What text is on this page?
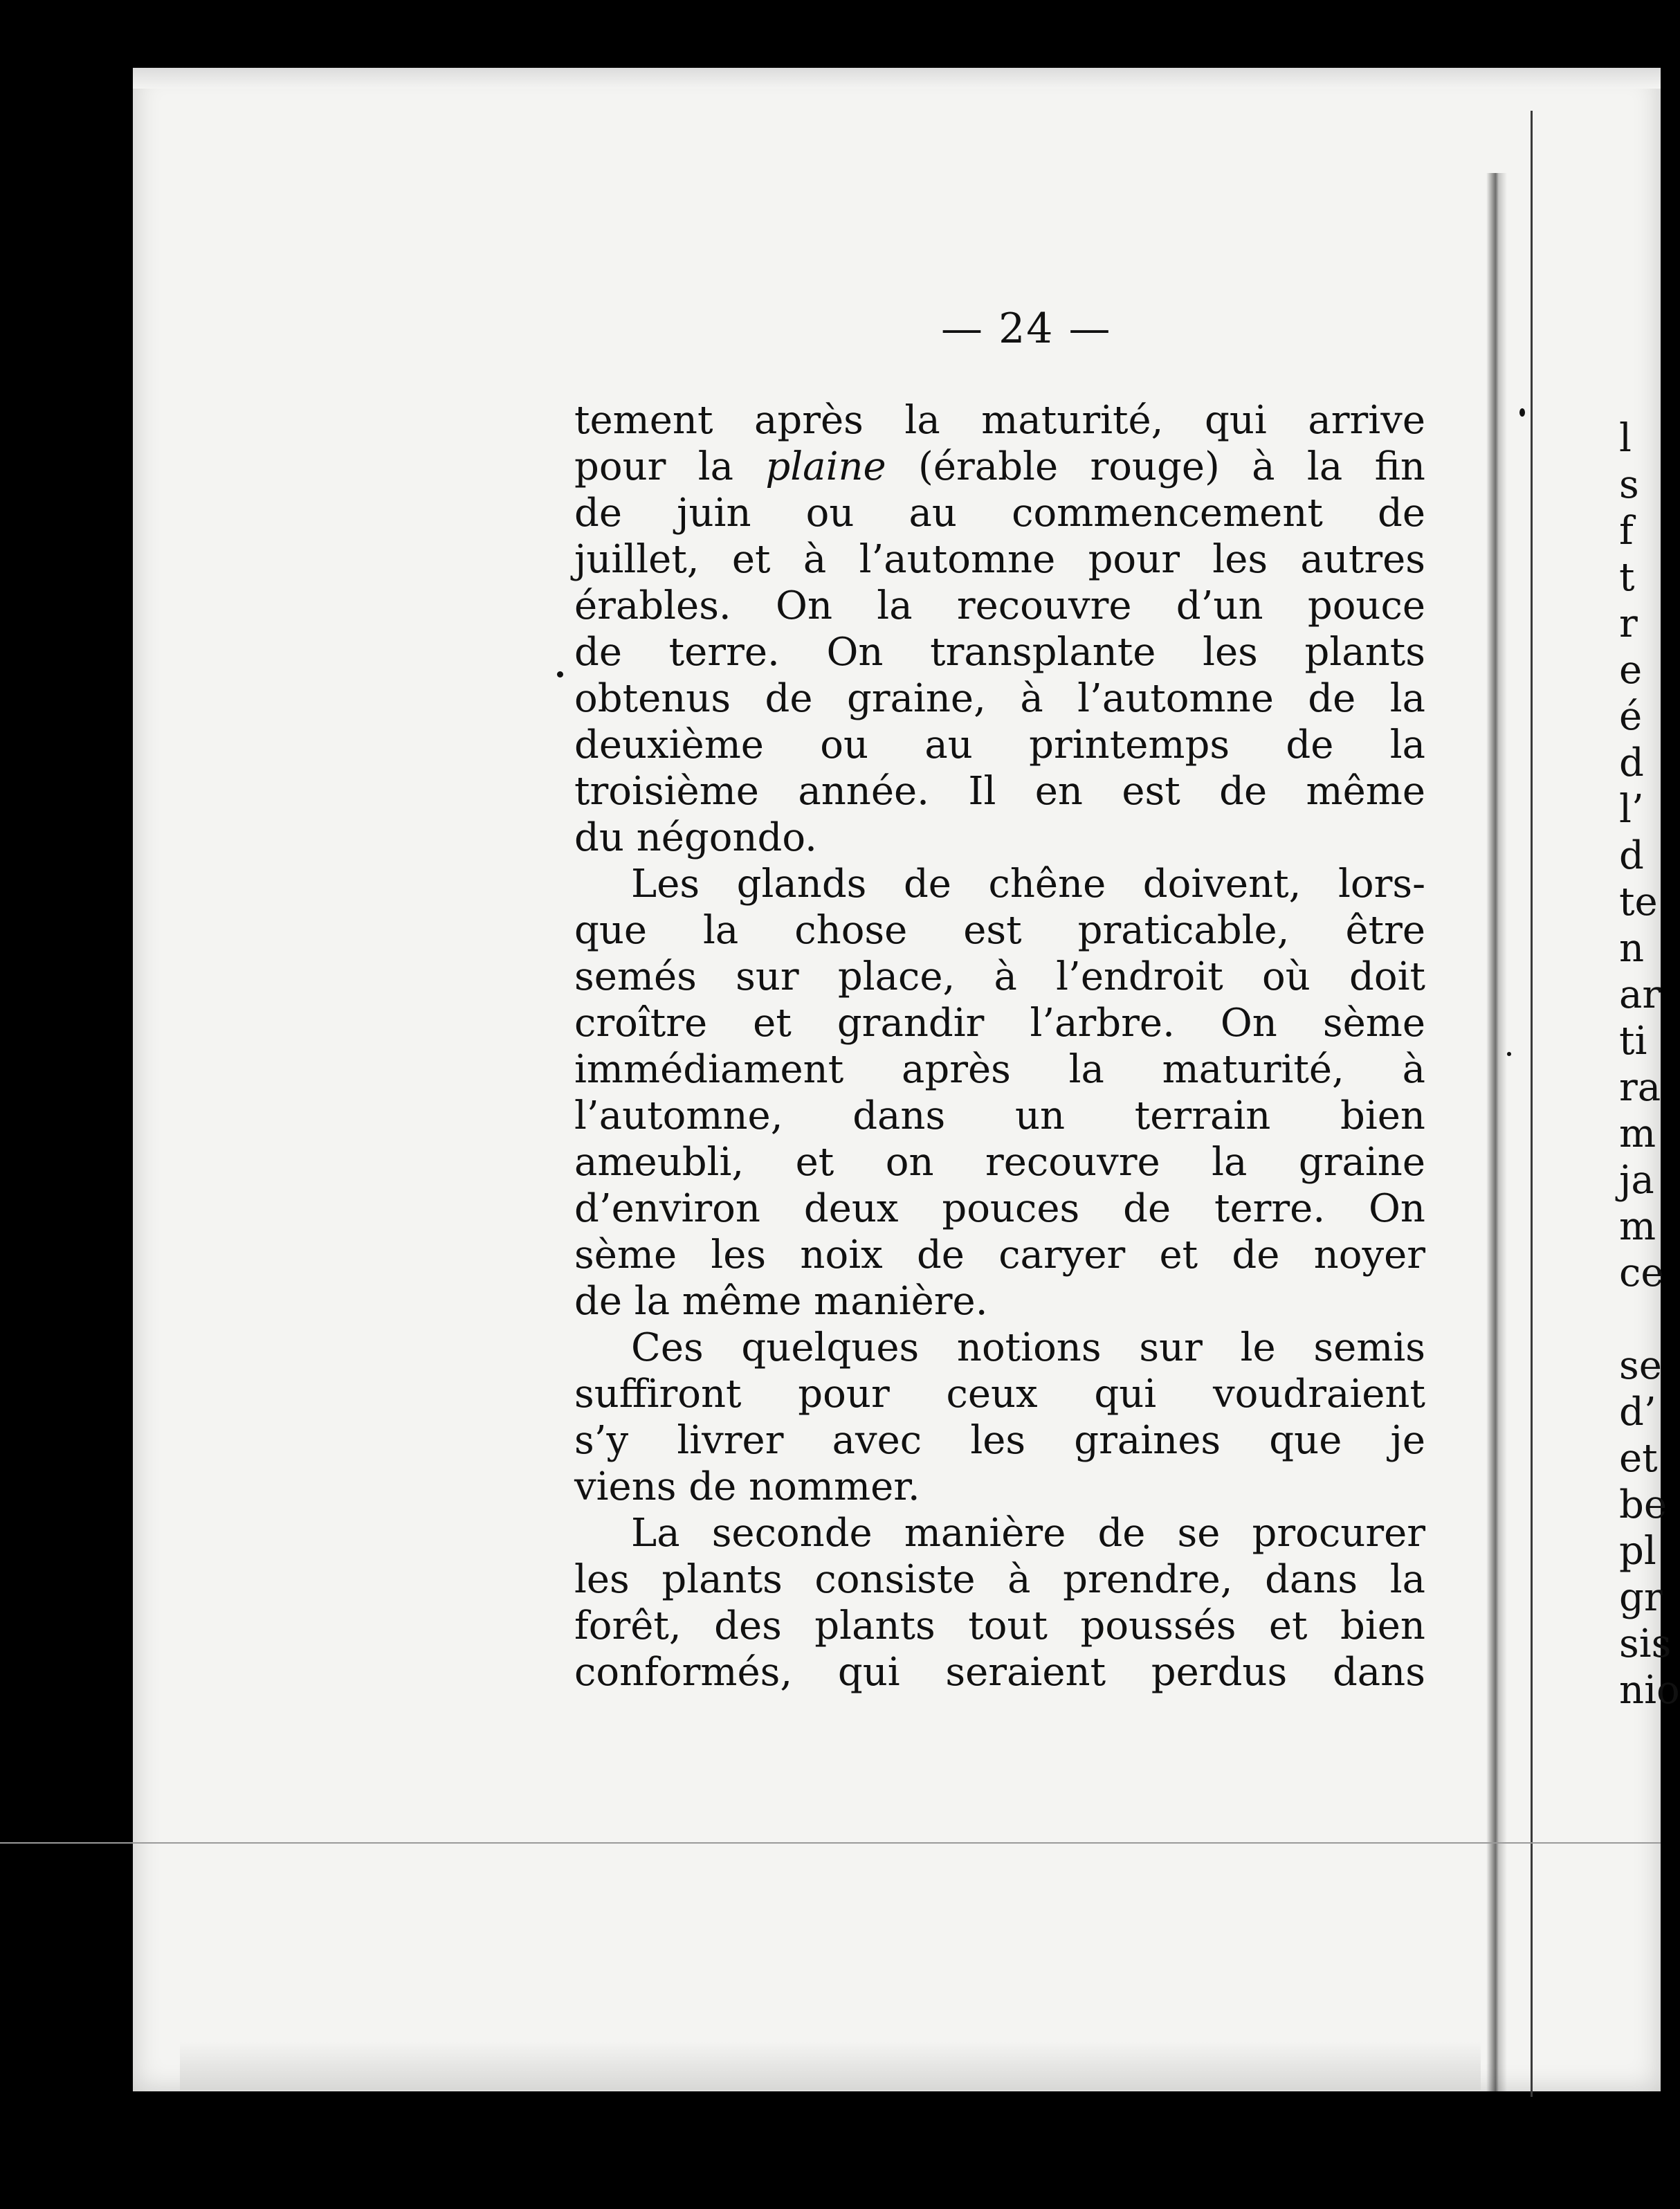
— 24 —
tement après la maturité, qui arrive
pour la plaine (érable rouge) à la fin
de juin ou au commencement de
juillet, et à l’automne pour les autres
érables. On la recouvre d’un pouce
de terre. On transplante les plants
obtenus de graine, à l’automne de la
deuxième ou au printemps de la
troisième année. Il en est de même
du négondo.
Les glands de chêne doivent, lors-
que la chose est praticable, être
semés sur place, à l’endroit où doit
croître et grandir l’arbre. On sème
immédiament après la maturité, à
l’automne, dans un terrain bien
ameubli, et on recouvre la graine
d’environ deux pouces de terre. On
sème les noix de caryer et de noyer
de la même manière.
Ces quelques notions sur le semis
suffiront pour ceux qui voudraient
s’y livrer avec les graines que je
viens de nommer.
La seconde manière de se procurer
les plants consiste à prendre, dans la
forêt, des plants tout poussés et bien
conformés, qui seraient perdus dans
l
s
f
t
r
e
é
d
l’
d
te
n
ar
ti
ra
m
ja
m
ce
se
d’
et
be
pl
gr
sis
nio
